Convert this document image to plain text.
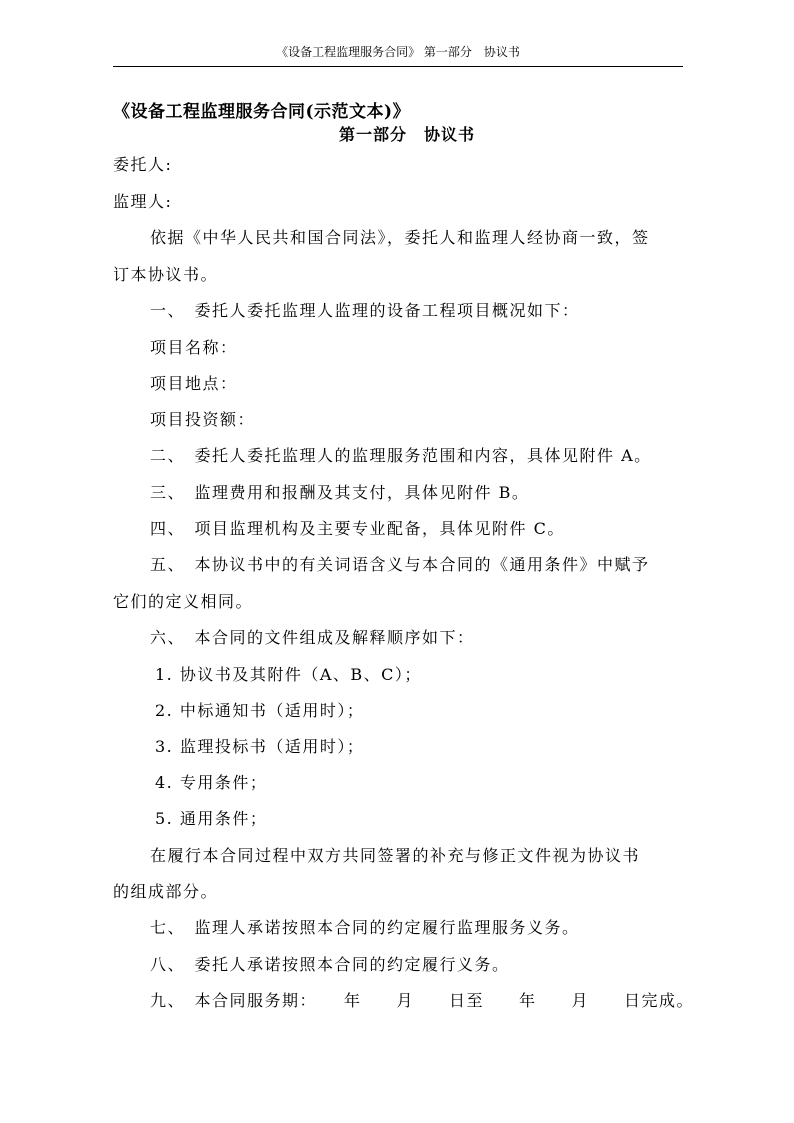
《设备工程监理服务合同》 第一部分　协议书
《设备工程监理服务合同(示范文本)》
第一部分　协议书
委托人:
监理人:
依据《中华人民共和国合同法》，委托人和监理人经协商一致，签
订本协议书。
一、　委托人委托监理人监理的设备工程项目概况如下：
项目名称：
项目地点：
项目投资额：
二、　委托人委托监理人的监理服务范围和内容，具体见附件 A。
三、　监理费用和报酬及其支付，具体见附件 B。
四、　项目监理机构及主要专业配备，具体见附件 C。
五、　本协议书中的有关词语含义与本合同的《通用条件》中赋予
它们的定义相同。
六、　本合同的文件组成及解释顺序如下：
1. 协议书及其附件（A、B、C）；
2. 中标通知书（适用时）；
3. 监理投标书（适用时）；
4. 专用条件；
5. 通用条件；
在履行本合同过程中双方共同签署的补充与修正文件视为协议书
的组成部分。
七、　监理人承诺按照本合同的约定履行监理服务义务。
八、　委托人承诺按照本合同的约定履行义务。
九、　本合同服务期：　　年　　月　　日至　　年　　月　　日完成。
